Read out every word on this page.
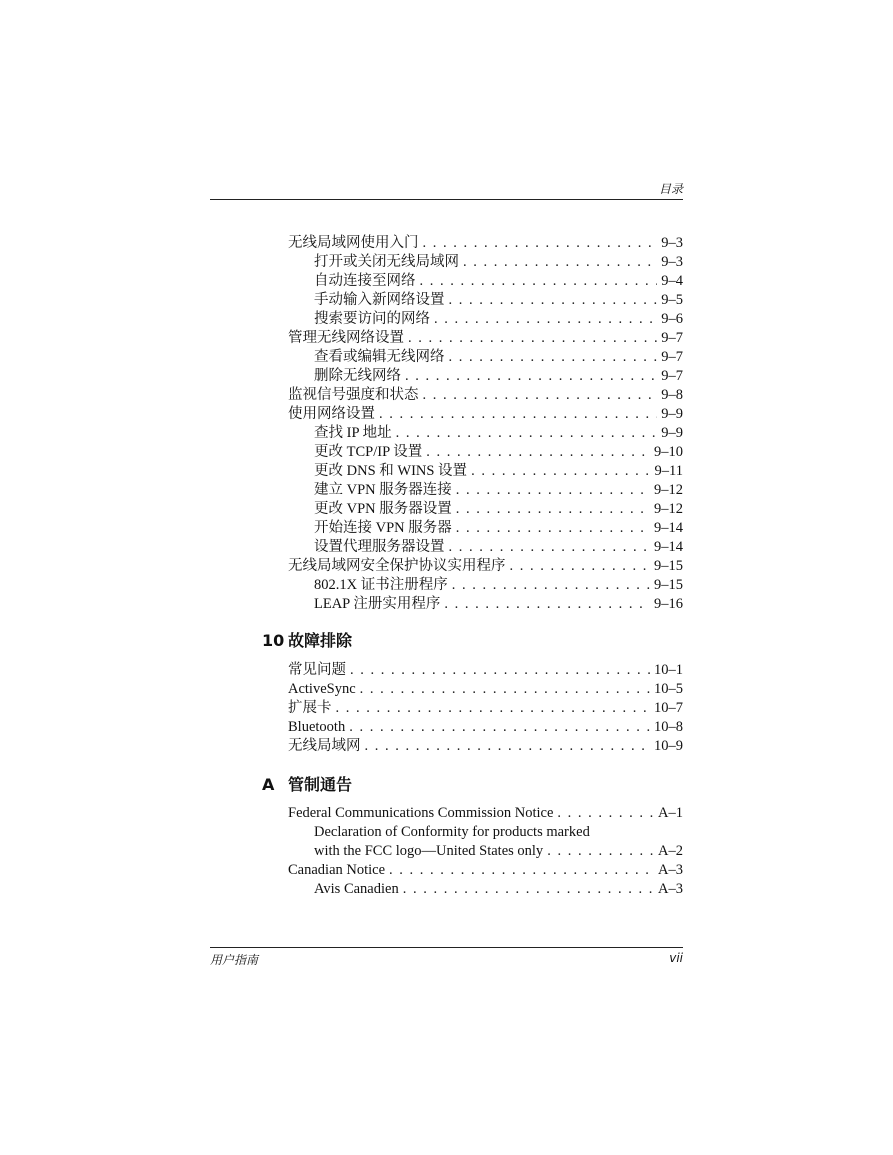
目录
无线局域网使用入门 . . .	9–3
打开或关闭无线局域网 . . .	9–3
自动连接至网络 . . .	9–4
手动输入新网络设置 . . .	9–5
搜索要访问的网络 . . .	9–6
管理无线网络设置 . . .	9–7
查看或编辑无线网络 . . .	9–7
删除无线网络 . . .	9–7
监视信号强度和状态 . . .	9–8
使用网络设置 . . .	9–9
查找 IP 地址 . . .	9–9
更改 TCP/IP 设置 . . .	9–10
更改 DNS 和 WINS 设置 . . .	9–11
建立 VPN 服务器连接 . . .	9–12
更改 VPN 服务器设置 . . .	9–12
开始连接 VPN 服务器 . . .	9–14
设置代理服务器设置 . . .	9–14
无线局域网安全保护协议实用程序 . . .	9–15
802.1X 证书注册程序 . . .	9–15
LEAP 注册实用程序 . . .	9–16
10 故障排除
常见问题 . . .	10–1
ActiveSync . . .	10–5
扩展卡 . . .	10–7
Bluetooth . . .	10–8
无线局域网 . . .	10–9
A 管制通告
Federal Communications Commission Notice . . .	A–1
Declaration of Conformity for products marked
with the FCC logo—United States only . . .	A–2
Canadian Notice . . .	A–3
Avis Canadien . . .	A–3
用户指南	vii
